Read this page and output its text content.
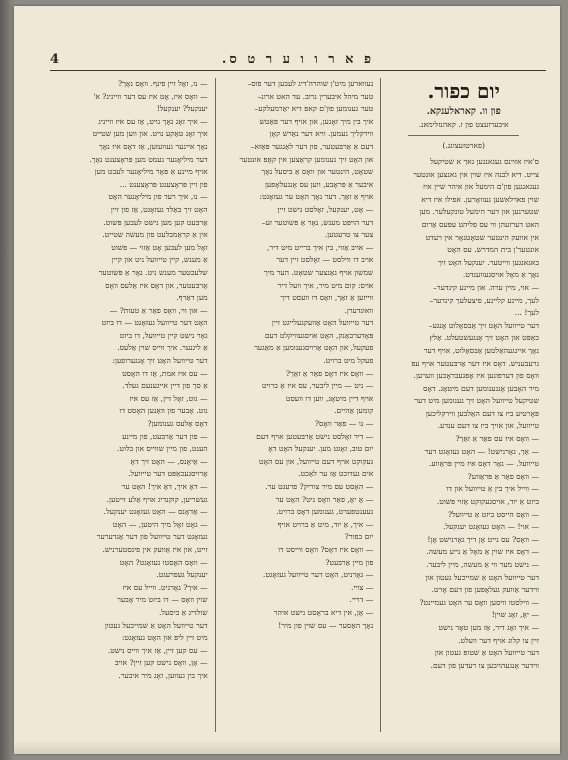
4	פ א ר ו ו ע ר ט ס.
יום כפור.
פון וו. קאראלענקא.
איבערזעצט פון ז. קאהנזלימאנ.
(פארטזעצונג.)
ס'איז אזוינס געגאנגען נאך א שטיקעל
צייט. דיא לבנה איז שוין אין גאנצען אונטער
געגאנגען פון'ם הימעל און איהר שיין איז
שוין פארלאשען געוואָרען. אפילו איז דיא
שטערנען און דער הימעל טונקעלער. מען
האט דערזעהן ווי עס פליהט עפּעס אַרום
אין אוועק הינטער שטאָטנאָר אין רעדט
אונטער'ן בית המדרש. עס האָט
באגאנגען ווייטער. יענקעל האָט זיך
נאָך אַ מאָל אויסגעווענדט.
— אוי, מיין ערה. און מיינע קינדער–
לעך, מיינע קליינע, פיצעלעך קינדער–
לעך! ...
דער טייוועל האָט זיך אַבסאָלוט אָנגע–
כאַפּט און האָט זיך אָנגעשטעלט. אַלץ
נאָך איינגעהאַלטען אַבסאָלוט, אויף דער
גרעבעניש. דאָס איז דער אַרבּעטער אויף עפּ
וואָס פון דערפונען איז אָפּגעבראָכען ווערען.
מיר האָבען אָנגענומען דעם מיטאָג. דאָס
שטיקעל טייוועל האָט זיך גענומען מיט דער
פּאָרטיע ביז צו דעם האַלבען ווירקליכען
טייוועל, און אויך ביז צו דעם ענדע.
— וואָס איז עס פאַר אַ זאַך?
— אַך, גאָרנישט! — האָט געזאָגט דער
טייוועל. — נאָר דאָס איז מיין פּראַווע.
— וואָס פאַר אַ פּראַווע?
— ווייל איך בין אַ טייוועל און דו
ביזט אַ יוד, אויסגעקוקט אַזוי פּשוט.
— וואָס הייסט ביזט אַ טייוועל?
— אוי! — האָט געזאָגט יענקעל.
— וואָס? עס גייט אָן דיך גאָרנישט אָן!
— דאָס איז שוין אַ מאָל אַ נייע מעשה.
— נישט מער ווי אַ מעשה, מיין ליבער.
דער טייוועל האָט אַ שמייכעל געטון און
ווידער אַוועק געלאָפען פון דעם אָרט.
— ווילסטו וויסען וואָס ער האָט געמיינט?
— יאָ, זאָג שוין!
— איך זאָג דיר, אַז מען טאָר נישט
זיין צו קלוג אויף דער וועלט.
דער טייוועל האָט אַ שטופּ געטון און
ווידער אָנגעהויבען צו רעדען פון דעם.
נעווארען מיט'ן שוהרה'דיג לעבען דער פוס–
טער מיהל איבערין נרוב. עד האט ארונ–
טער גענומען פון'ם קאפּ דיא יאַרמעלקע–
איך בין מיך זאָגען, און אויף דער פּאַטש
ווירקליך נעמען. וויא דער נאַרש קאָן
דעם אַ אַרבּעטער, פון דער לאַנגער פּאַזא–
און האָט זיך גענומען קראַצען אין קאָפּ אונטער
שטאָט, הינטער און וואָס אַ ביסעל נאָך
איבער אַ פּראָבע, ווען עס אָנגעלאָפען
אויף אַ זאַך. דער נאָך האָט ער געזאָגט:
— אָט, יענקעל, זאָלסט נישט זיין
דער הויפּט מענש, נאָר אַ פּשוטער זע–
צער צו טרעטען.
— אויב אַזוי, בין איך ברייט מיט דיר,
אויב דו ווילסט — זאָלסט זיין דער
שמשון אויף גאַנצער שטאָט. הער מיך
אויס: קום מיט מיר, איך וועל דיר
ווייזען אַ זאַך, וואָס דו וועסט דיך
וואונדערן.
דער טייוועל האָט אַוועקגעלייגט זיין
פּאָדערבאַנק, האָט אויסגעוויקלט דעם
פעקעל, און האָט אַרויסגענומען אַ מאַגער
פעקל מיט ברויט.
— וואָס איז דאָס פאַר אַ זאַך?
— ניט — מיין ליבער, עס איז אַ ברויט
אויף דיין מיטאָג, ווען דו וועסט
קומען אַהיים.
— נו — פאַר וואָס?
— דיר זאָלסט נישט אַרבּעטען אויף דעם
יום טוב, זאָגט מען. יענקעל האָט דאָ
געקוקט אויף דעם טייוועל, און עס האָט
אים געדוכט אַז ער לאַכט.
— האָסט עס מיר צוריק? פרעגט ער.
— אָ יאָ, פאַר וואָס ניט? האָט ער
געענטפערט, גענומען דאָס ברויט.
— איך, אַ יוד, מיט אַ ברויט אויף
יום כפור?
— וואָס איז דאָס? וואָס ווייסט דו
פון מיין אַרבּעט?
— גאָרניט, האָט דער טייוועל געזאָגט.
— צויי.
— דריי.
— אָן, אין דיא בראָסט נישט איהר
נאָך האַסער — עס שוין פון מיר!
— נו, זאָל זיין פינף. וואָס נאָך?
— וואָס איז, אָט איז עס דער ווייניג? א'
יענקעל? יענקעל!
— איך זאָג נאָך נויט, אַז עס איז ווייניג
איך זאָג טאַקע נויט. און ווען מען שטייט
נאָך איינער געוועזען, אַז דאָס איז נאָך
דער מיליאָנער נעמט מען פּראָצענט נאָך.
אויף מיינע אַ פּאָר מיליאָנער לעבט מען
פון זיין פּראָצענט פּראָצענט ...
— נו, איך רעד פון מיליאָנער האָט
האָט זיך באַלד געזאָגט, אַז פון זיין
אַרבּעט קען מען נישט לעבען פּשוט.
אין אַ קראַמבלעט פון מעשה שטייט.
זאָל מען לעבען אָט אַזוי — פּשוט
אַ מענש, קיין טייוועל ניט און קיין
שלעכטער מענש ניט. נאָר אַ פּשוטער
אַרבּעטער, און דאָס איז אַלעס וואָס
מען דאַרף.
— און ווי, וואָס פאַר אַ טעות? —
האָט דער טייוועל געזאָגט — דו ביזט
גאָר נישט קיין טייוועל, דו ביזט
אַ ליגנער. איך ווייס שוין אַלעס.
דער טייוועל האָט זיך אָנגערופען:
— עס איז אמת, אַז דו האָסט
אַ סך פון דיין אייגענעם געלד.
— גוט, זאָל זיין, אַז עס איז
גוט. אָבער פון וואַנען האָסט דו
דאָס אַלעס גענומען?
— פון דער אַרבּעט, פון מיינע
הענט, פון מיין שווייס און בלוט.
— אַיאָנס, — האָט זיך דאָ
אַרויסגעכאַפּט דער טייוועל.
— דאָ איך, דאָ איך! האָט ער
געשריען, קוקנדיג אויף אַלע זייטען.
— אַדאָנס — האָט געזאָגט יענקעל.
— גאָט זאָל מיך היטען, — האָט
געזאָגט דער טייוועל פון דער אַנדערער
זייט, און איז אַוועק אין פינסטערניש.
— וואָס האָסטו געזאָגט? האָט
יענקעל געפרעגט.
— איך? גאָרניט. ווייל עס איז
שוין וואָס — דו ביזט מיר אָבער
שולדיג אַ ביסעל.
דער טייוועל האָט אַ שמייכעל געטון
מיט זיין ליפּ און האָט געזאָגט:
— עס קען זיין, אַז איך ווייס נישט.
— אָן, וואָס נישט קען זיין? אויב
איך בין געווען, זאָג מיר איבער.
